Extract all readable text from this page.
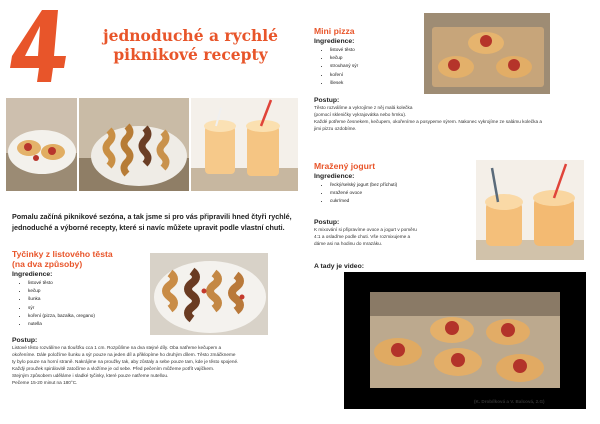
jednoduché a rychlé
piknikové recepty
Pomalu začíná piknikové sezóna, a tak jsme si pro vás připravili hned čtyři rychlé, jednoduché a výborné recepty, které si navíc můžete upravit podle vlastní chuti.
Tyčinky z listového těsta
(na dva způsoby)
Ingredience:
• listové těsto
• kečup
• šunka
• sýr
• koření (pizza, bazalka, oregano)
• nutella
Postup:
Listové těsto rozválíme na tloušťku cca 1 cm. Rozpůlíme na dva stejné díly. Oba natřeme kečupem a
okořeníme. Dále položíme šunku a sýr pouze na jeden díl a přiklopíme ho druhým dílem. Těsto zmáčkneme
ty bylo pouze na horní straně. Nakrájíme na proužky tak, aby zůstaly a sebe pouze tam, kde je těsto spojené.
Každý proužek spirálovitě zatočíme a vložíme je od sebe. Před pečením můžeme potřít vajíčkem.
Stejným způsobem uděláme i sladké tyčinky, které pouze natřeme nutellou.
Pečeme 15-20 minut na 180°C.
Mini pizza
Ingredience:
• listové těsto
• kečup
• strouhaný sýr
• koření
• šlesek
Postup:
Těsto rozválíme a vykrojíme z něj malá kolečka
(pomocí skleničky vykrajovátka nebo hrnku).
Každé potřeme česnekem, kečupem, okořeníme a posypeme sýrem. Nakonec vykrojíme ze salámu kolečka a
jimi pizzu ozdobíme.
Mražený jogurt
Ingredience:
• řecký/selský jogurt (bez příchuti)
• mražené ovoce
• cukr/med
Postup:
K mixování si připravíme ovoce a jogurt v poměru
4:1 a oslaďme podle chuti. Vše rozmixujeme a
dáme asi na hodinu do mrazáku.
A tady je video:
(K. Drobílková a V. Balcová, 2.G)
